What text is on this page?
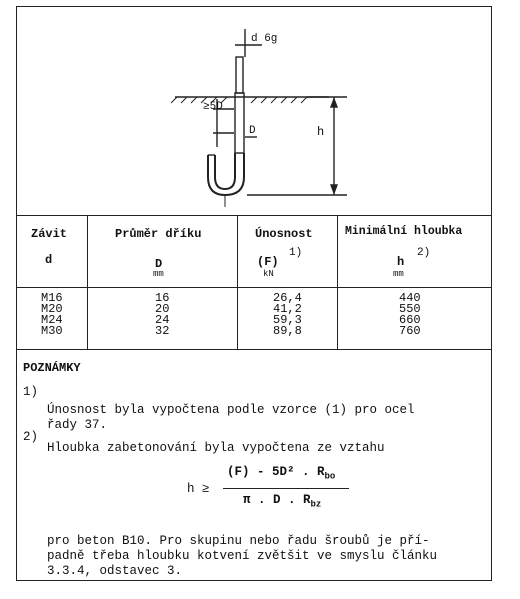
d 6g
≥5D
D	h
Závit
d
Průměr dříku
D
mm
Únosnost
(F)
1)
kN
Minimální hloubka
h
2)
mm
M16
M20
M24
M30
16
20
24
32
26,4
41,2
59,3
89,8
440
550
660
760
POZNÁMKY
1)
Únosnost byla vypočtena podle vzorce (1) pro ocel
řady 37.
2)
Hloubka zabetonování byla vypočtena ze vztahu
h ≥
(F) - 5D² . $R_{bo}$
π . D . $R_{bz}$
pro beton B10. Pro skupinu nebo řadu šroubů je pří-
padně třeba hloubku kotvení zvětšit ve smyslu článku
3.3.4, odstavec 3.
